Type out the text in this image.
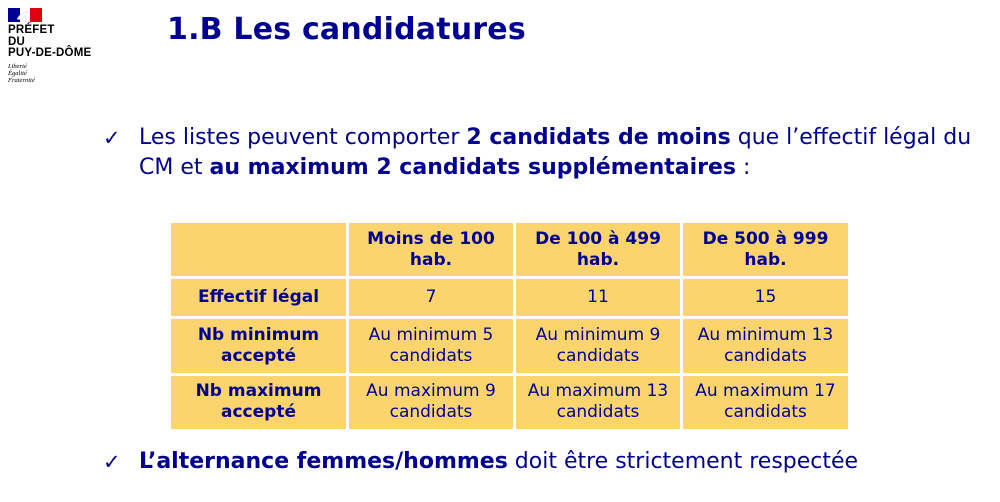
PRÉFET
DU
PUY-DE-DÔME
Liberté
Égalité
Fraternité
1.B Les candidatures
✓ Les listes peuvent comporter 2 candidats de moins que l’effectif légal du CM et au maximum 2 candidats supplémentaires :
	Moins de 100 hab.	De 100 à 499 hab.	De 500 à 999 hab.
Effectif légal	7	11	15
Nb minimum accepté	Au minimum 5 candidats	Au minimum 9 candidats	Au minimum 13 candidats
Nb maximum accepté	Au maximum 9 candidats	Au maximum 13 candidats	Au maximum 17 candidats
✓ L’alternance femmes/hommes doit être strictement respectée
